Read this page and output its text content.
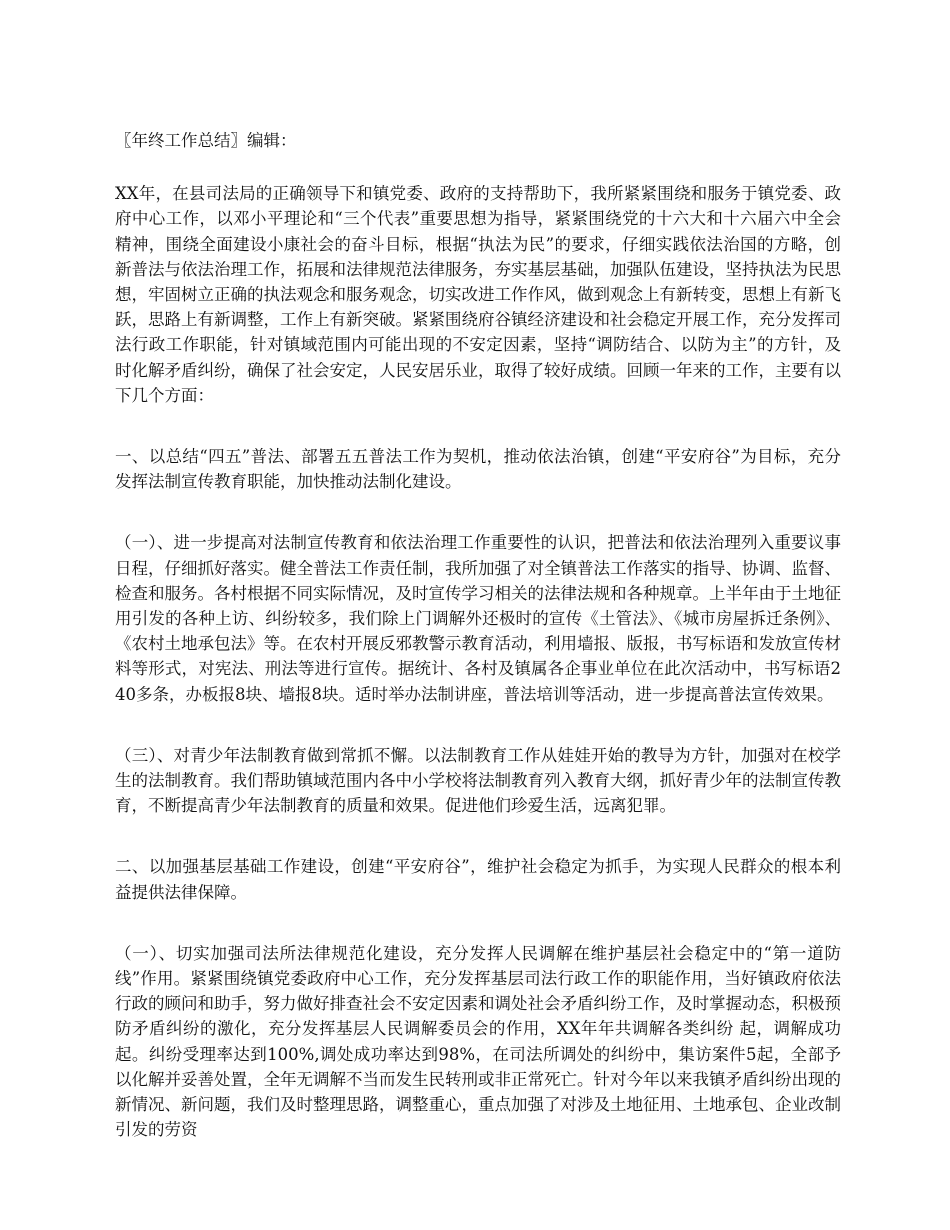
〖年终工作总结〗编辑：

XX年，在县司法局的正确领导下和镇党委、政府的支持帮助下，我所紧紧围绕和服务于镇党委、政府中心工作，以邓小平理论和“三个代表”重要思想为指导，紧紧围绕党的十六大和十六届六中全会精神，围绕全面建设小康社会的奋斗目标，根据“执法为民”的要求，仔细实践依法治国的方略，创新普法与依法治理工作，拓展和法律规范法律服务，夯实基层基础，加强队伍建设，坚持执法为民思想，牢固树立正确的执法观念和服务观念，切实改进工作作风，做到观念上有新转变，思想上有新飞跃，思路上有新调整，工作上有新突破。紧紧围绕府谷镇经济建设和社会稳定开展工作，充分发挥司法行政工作职能，针对镇域范围内可能出现的不安定因素，坚持“调防结合、以防为主”的方针，及时化解矛盾纠纷，确保了社会安定，人民安居乐业，取得了较好成绩。回顾一年来的工作，主要有以下几个方面：

一、以总结“四五”普法、部署五五普法工作为契机，推动依法治镇，创建“平安府谷”为目标，充分发挥法制宣传教育职能，加快推动法制化建设。

（一）、进一步提高对法制宣传教育和依法治理工作重要性的认识，把普法和依法治理列入重要议事日程，仔细抓好落实。健全普法工作责任制，我所加强了对全镇普法工作落实的指导、协调、监督、检查和服务。各村根据不同实际情况，及时宣传学习相关的法律法规和各种规章。上半年由于土地征用引发的各种上访、纠纷较多，我们除上门调解外还极时的宣传《土管法》、《城市房屋拆迁条例》、《农村土地承包法》等。在农村开展反邪教警示教育活动，利用墙报、版报，书写标语和发放宣传材料等形式，对宪法、刑法等进行宣传。据统计、各村及镇属各企事业单位在此次活动中，书写标语240多条，办板报8块、墙报8块。适时举办法制讲座，普法培训等活动，进一步提高普法宣传效果。

（三）、对青少年法制教育做到常抓不懈。以法制教育工作从娃娃开始的教导为方针，加强对在校学生的法制教育。我们帮助镇域范围内各中小学校将法制教育列入教育大纲，抓好青少年的法制宣传教育，不断提高青少年法制教育的质量和效果。促进他们珍爱生活，远离犯罪。

二、以加强基层基础工作建设，创建“平安府谷”，维护社会稳定为抓手，为实现人民群众的根本利益提供法律保障。

（一）、切实加强司法所法律规范化建设，充分发挥人民调解在维护基层社会稳定中的“第一道防线”作用。紧紧围绕镇党委政府中心工作，充分发挥基层司法行政工作的职能作用，当好镇政府依法行政的顾问和助手，努力做好排查社会不安定因素和调处社会矛盾纠纷工作，及时掌握动态，积极预防矛盾纠纷的激化，充分发挥基层人民调解委员会的作用，XX年年共调解各类纠纷 起，调解成功 起。纠纷受理率达到100%,调处成功率达到98%，在司法所调处的纠纷中，集访案件5起，全部予以化解并妥善处置，全年无调解不当而发生民转刑或非正常死亡。针对今年以来我镇矛盾纠纷出现的新情况、新问题，我们及时整理思路，调整重心，重点加强了对涉及土地征用、土地承包、企业改制引发的劳资
